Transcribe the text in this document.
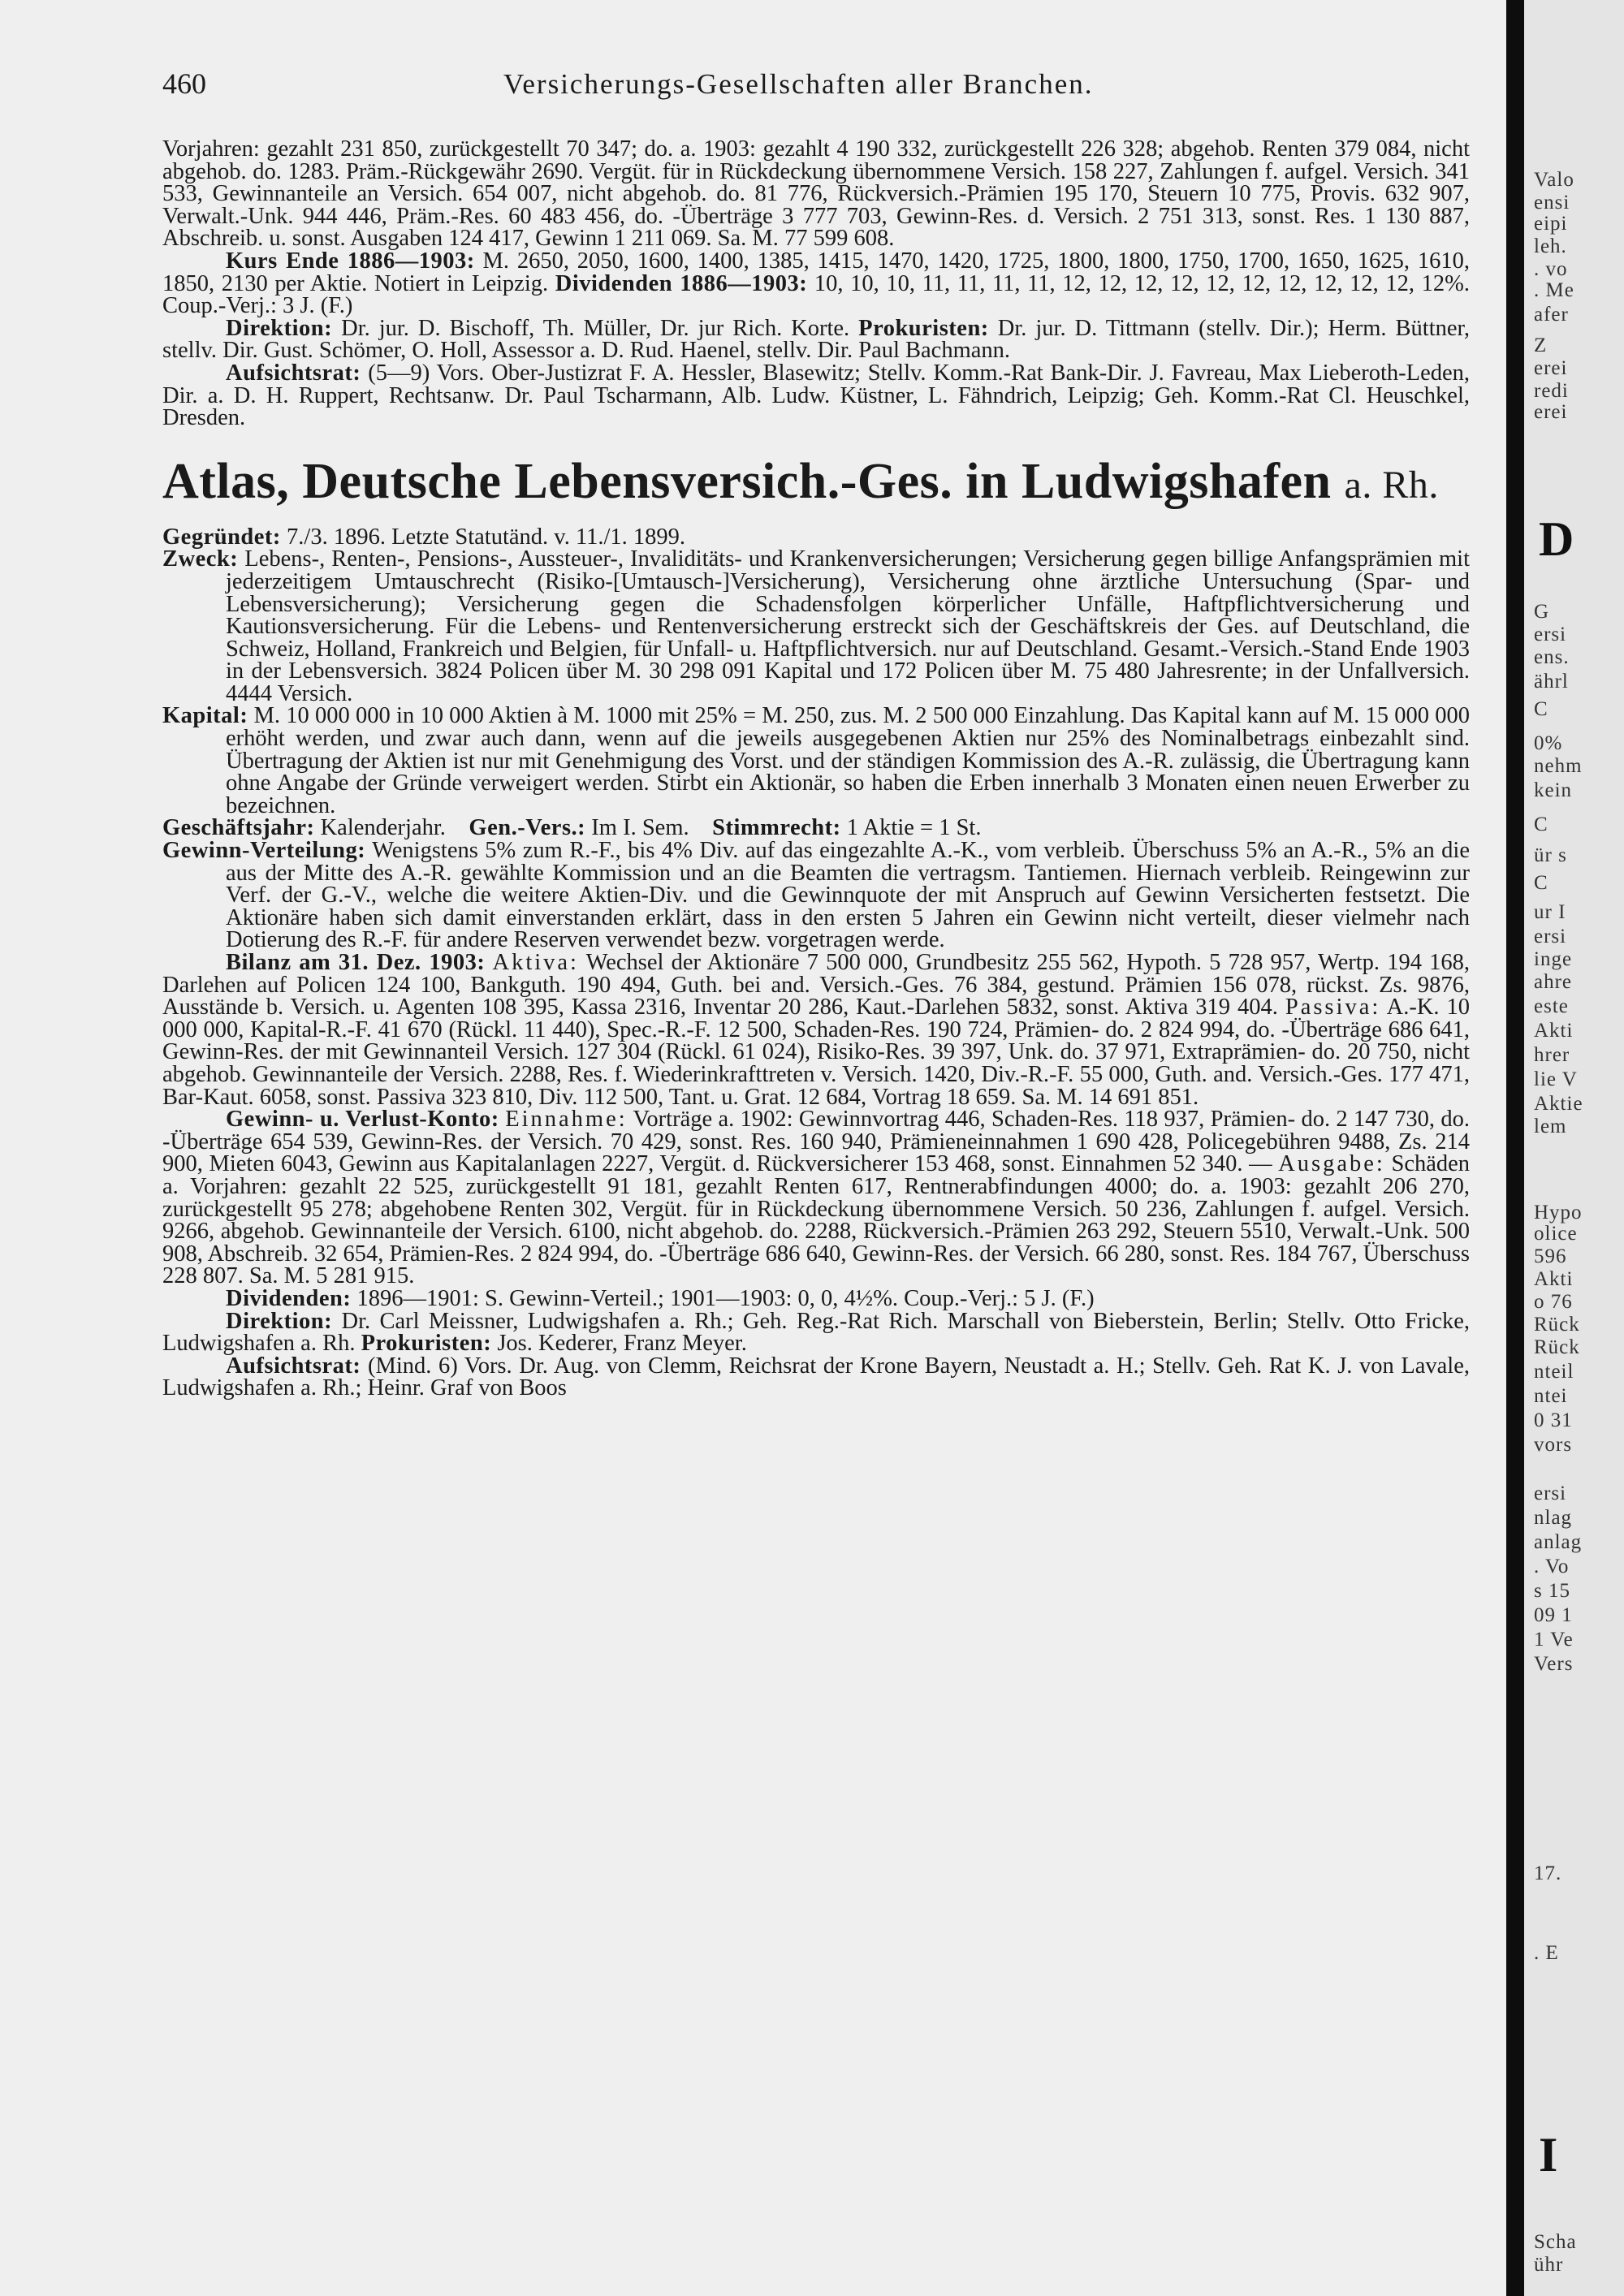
460	Versicherungs-Gesellschaften aller Branchen.

Vorjahren: gezahlt 231 850, zurückgestellt 70 347; do. a. 1903: gezahlt 4 190 332, zurückgestellt 226 328; abgehob. Renten 379 084, nicht abgehob. do. 1283. Präm.-Rückgewähr 2690. Vergüt. für in Rückdeckung übernommene Versich. 158 227, Zahlungen f. aufgel. Versich. 341 533, Gewinnanteile an Versich. 654 007, nicht abgehob. do. 81 776, Rückversich.-Prämien 195 170, Steuern 10 775, Provis. 632 907, Verwalt.-Unk. 944 446, Präm.-Res. 60 483 456, do. -Überträge 3 777 703, Gewinn-Res. d. Versich. 2 751 313, sonst. Res. 1 130 887, Abschreib. u. sonst. Ausgaben 124 417, Gewinn 1 211 069. Sa. M. 77 599 608.

Kurs Ende 1886—1903: M. 2650, 2050, 1600, 1400, 1385, 1415, 1470, 1420, 1725, 1800, 1800, 1750, 1700, 1650, 1625, 1610, 1850, 2130 per Aktie. Notiert in Leipzig. Dividenden 1886—1903: 10, 10, 10, 11, 11, 11, 11, 12, 12, 12, 12, 12, 12, 12, 12, 12, 12, 12%. Coup.-Verj.: 3 J. (F.)

Direktion: Dr. jur. D. Bischoff, Th. Müller, Dr. jur Rich. Korte. Prokuristen: Dr. jur. D. Tittmann (stellv. Dir.); Herm. Büttner, stellv. Dir. Gust. Schömer, O. Holl, Assessor a. D. Rud. Haenel, stellv. Dir. Paul Bachmann.

Aufsichtsrat: (5—9) Vors. Ober-Justizrat F. A. Hessler, Blasewitz; Stellv. Komm.-Rat Bank-Dir. J. Favreau, Max Lieberoth-Leden, Dir. a. D. H. Ruppert, Rechtsanw. Dr. Paul Tscharmann, Alb. Ludw. Küstner, L. Fähndrich, Leipzig; Geh. Komm.-Rat Cl. Heuschkel, Dresden.

Atlas, Deutsche Lebensversich.-Ges. in Ludwigshafen a. Rh.

Gegründet: 7./3. 1896. Letzte Statutänd. v. 11./1. 1899.

Zweck: Lebens-, Renten-, Pensions-, Aussteuer-, Invaliditäts- und Krankenversicherungen; Versicherung gegen billige Anfangsprämien mit jederzeitigem Umtauschrecht (Risiko-[Umtausch-]Versicherung), Versicherung ohne ärztliche Untersuchung (Spar- und Lebensversicherung); Versicherung gegen die Schadensfolgen körperlicher Unfälle, Haftpflichtversicherung und Kautionsversicherung. Für die Lebens- und Rentenversicherung erstreckt sich der Geschäftskreis der Ges. auf Deutschland, die Schweiz, Holland, Frankreich und Belgien, für Unfall- u. Haftpflichtversich. nur auf Deutschland. Gesamt.-Versich.-Stand Ende 1903 in der Lebensversich. 3824 Policen über M. 30 298 091 Kapital und 172 Policen über M. 75 480 Jahresrente; in der Unfallversich. 4444 Versich.

Kapital: M. 10 000 000 in 10 000 Aktien à M. 1000 mit 25% = M. 250, zus. M. 2 500 000 Einzahlung. Das Kapital kann auf M. 15 000 000 erhöht werden, und zwar auch dann, wenn auf die jeweils ausgegebenen Aktien nur 25% des Nominalbetrags einbezahlt sind. Übertragung der Aktien ist nur mit Genehmigung des Vorst. und der ständigen Kommission des A.-R. zulässig, die Übertragung kann ohne Angabe der Gründe verweigert werden. Stirbt ein Aktionär, so haben die Erben innerhalb 3 Monaten einen neuen Erwerber zu bezeichnen.

Geschäftsjahr: Kalenderjahr. Gen.-Vers.: Im I. Sem. Stimmrecht: 1 Aktie = 1 St.

Gewinn-Verteilung: Wenigstens 5% zum R.-F., bis 4% Div. auf das eingezahlte A.-K., vom verbleib. Überschuss 5% an A.-R., 5% an die aus der Mitte des A.-R. gewählte Kommission und an die Beamten die vertragsm. Tantiemen. Hiernach verbleib. Reingewinn zur Verf. der G.-V., welche die weitere Aktien-Div. und die Gewinnquote der mit Anspruch auf Gewinn Versicherten festsetzt. Die Aktionäre haben sich damit einverstanden erklärt, dass in den ersten 5 Jahren ein Gewinn nicht verteilt, dieser vielmehr nach Dotierung des R.-F. für andere Reserven verwendet bezw. vorgetragen werde.

Bilanz am 31. Dez. 1903: Aktiva: Wechsel der Aktionäre 7 500 000, Grundbesitz 255 562, Hypoth. 5 728 957, Wertp. 194 168, Darlehen auf Policen 124 100, Bankguth. 190 494, Guth. bei and. Versich.-Ges. 76 384, gestund. Prämien 156 078, rückst. Zs. 9876, Ausstände b. Versich. u. Agenten 108 395, Kassa 2316, Inventar 20 286, Kaut.-Darlehen 5832, sonst. Aktiva 319 404. Passiva: A.-K. 10 000 000, Kapital-R.-F. 41 670 (Rückl. 11 440), Spec.-R.-F. 12 500, Schaden-Res. 190 724, Prämien- do. 2 824 994, do. -Überträge 686 641, Gewinn-Res. der mit Gewinnanteil Versich. 127 304 (Rückl. 61 024), Risiko-Res. 39 397, Unk. do. 37 971, Extraprämien- do. 20 750, nicht abgehob. Gewinnanteile der Versich. 2288, Res. f. Wiederinkrafttreten v. Versich. 1420, Div.-R.-F. 55 000, Guth. and. Versich.-Ges. 177 471, Bar-Kaut. 6058, sonst. Passiva 323 810, Div. 112 500, Tant. u. Grat. 12 684, Vortrag 18 659. Sa. M. 14 691 851.

Gewinn- u. Verlust-Konto: Einnahme: Vorträge a. 1902: Gewinnvortrag 446, Schaden-Res. 118 937, Prämien- do. 2 147 730, do. -Überträge 654 539, Gewinn-Res. der Versich. 70 429, sonst. Res. 160 940, Prämieneinnahmen 1 690 428, Policegebühren 9488, Zs. 214 900, Mieten 6043, Gewinn aus Kapitalanlagen 2227, Vergüt. d. Rückversicherer 153 468, sonst. Einnahmen 52 340. — Ausgabe: Schäden a. Vorjahren: gezahlt 22 525, zurückgestellt 91 181, gezahlt Renten 617, Rentnerabfindungen 4000; do. a. 1903: gezahlt 206 270, zurückgestellt 95 278; abgehobene Renten 302, Vergüt. für in Rückdeckung übernommene Versich. 50 236, Zahlungen f. aufgel. Versich. 9266, abgehob. Gewinnanteile der Versich. 6100, nicht abgehob. do. 2288, Rückversich.-Prämien 263 292, Steuern 5510, Verwalt.-Unk. 500 908, Abschreib. 32 654, Prämien-Res. 2 824 994, do. -Überträge 686 640, Gewinn-Res. der Versich. 66 280, sonst. Res. 184 767, Überschuss 228 807. Sa. M. 5 281 915.

Dividenden: 1896—1901: S. Gewinn-Verteil.; 1901—1903: 0, 0, 4½%. Coup.-Verj.: 5 J. (F.)

Direktion: Dr. Carl Meissner, Ludwigshafen a. Rh.; Geh. Reg.-Rat Rich. Marschall von Bieberstein, Berlin; Stellv. Otto Fricke, Ludwigshafen a. Rh. Prokuristen: Jos. Kederer, Franz Meyer.

Aufsichtsrat: (Mind. 6) Vors. Dr. Aug. von Clemm, Reichsrat der Krone Bayern, Neustadt a. H.; Stellv. Geh. Rat K. J. von Lavale, Ludwigshafen a. Rh.; Heinr. Graf von Boos

Valo
ensi
eipi
leh.
. vo
. Me
afer
Z
erei
redi
erei
D
G
ersi
ens.
ährl
C
0%
nehm
kein
C
ür s
C
ur I
ersi
inge
ahre
este
Akti
hrer
lie V
Aktie
lem
Hypo
olice
596
Akti
o 76
Rück
Rück
nteil
ntei
0 31
vors
ersi
nlag
anlag
. Vo
s 15
09 1
1 Ve
Vers
17.
. E
I
Scha
ühr
